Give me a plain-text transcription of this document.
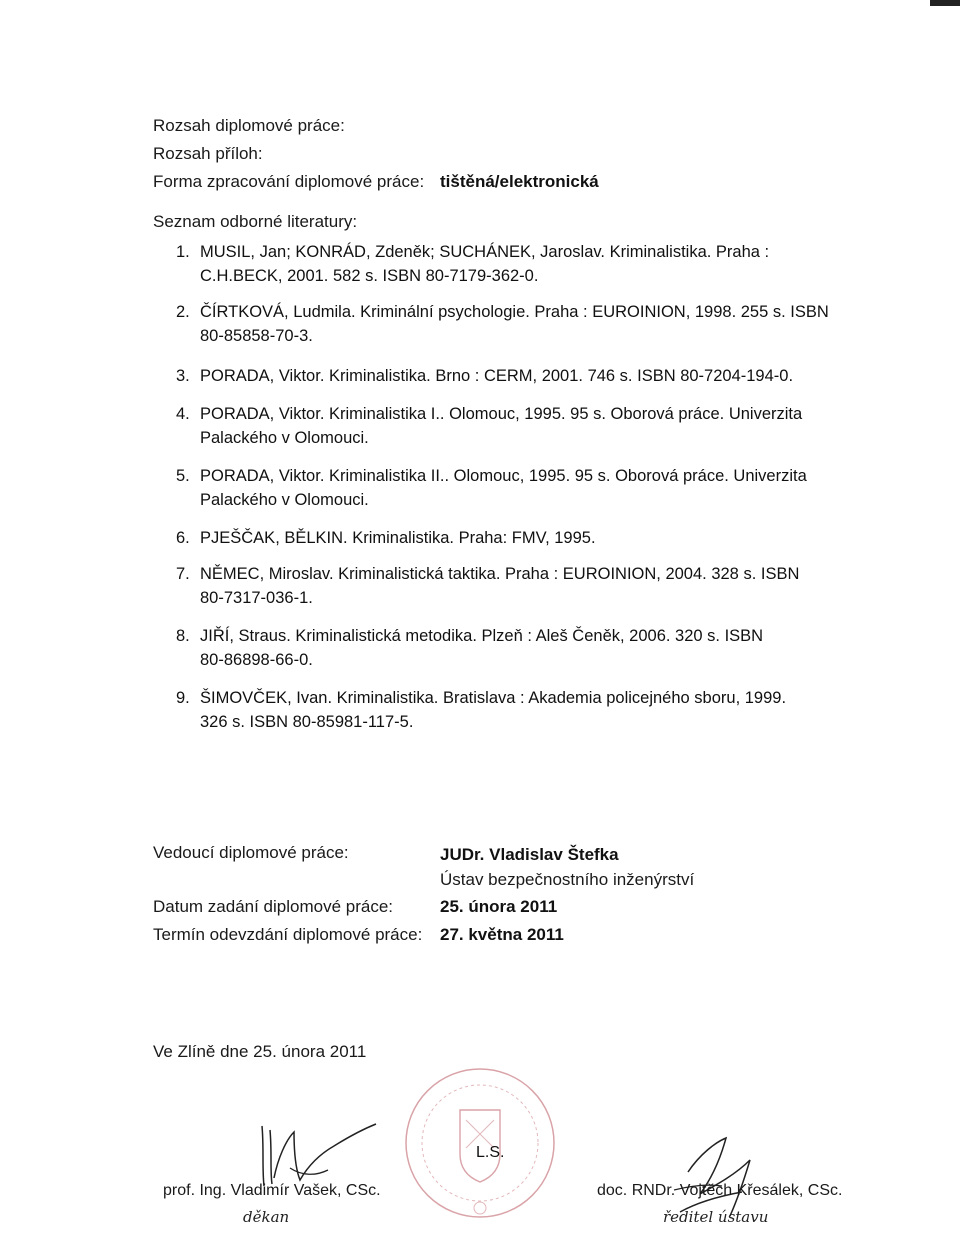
Rozsah diplomové práce:
Rozsah příloh:
Forma zpracování diplomové práce: tištěná/elektronická
Seznam odborné literatury:
1. MUSIL, Jan; KONRÁD, Zdeněk; SUCHÁNEK, Jaroslav. Kriminalistika. Praha :
C.H.BECK, 2001. 582 s. ISBN 80-7179-362-0.
2. ČÍRTKOVÁ, Ludmila. Kriminální psychologie. Praha : EUROINION, 1998. 255 s. ISBN
80-85858-70-3.
3. PORADA, Viktor. Kriminalistika. Brno : CERM, 2001. 746 s. ISBN 80-7204-194-0.
4. PORADA, Viktor. Kriminalistika I.. Olomouc, 1995. 95 s. Oborová práce. Univerzita
Palackého v Olomouci.
5. PORADA, Viktor. Kriminalistika II.. Olomouc, 1995. 95 s. Oborová práce. Univerzita
Palackého v Olomouci.
6. PJEŠČAK, BĚLKIN. Kriminalistika. Praha: FMV, 1995.
7. NĚMEC, Miroslav. Kriminalistická taktika. Praha : EUROINION, 2004. 328 s. ISBN
80-7317-036-1.
8. JIŘÍ, Straus. Kriminalistická metodika. Plzeň : Aleš Čeněk, 2006. 320 s. ISBN
80-86898-66-0.
9. ŠIMOVČEK, Ivan. Kriminalistika. Bratislava : Akademia policejného sboru, 1999.
326 s. ISBN 80-85981-117-5.
Vedoucí diplomové práce:	JUDr. Vladislav Štefka
Ústav bezpečnostního inženýrství
Datum zadání diplomové práce:	25. února 2011
Termín odevzdání diplomové práce: 27. května 2011
Ve Zlíně dne 25. února 2011
L.S.
prof. Ing. Vladimír Vašek, CSc.
děkan
doc. RNDr. Vojtěch Křesálek, CSc.
ředitel ústavu
